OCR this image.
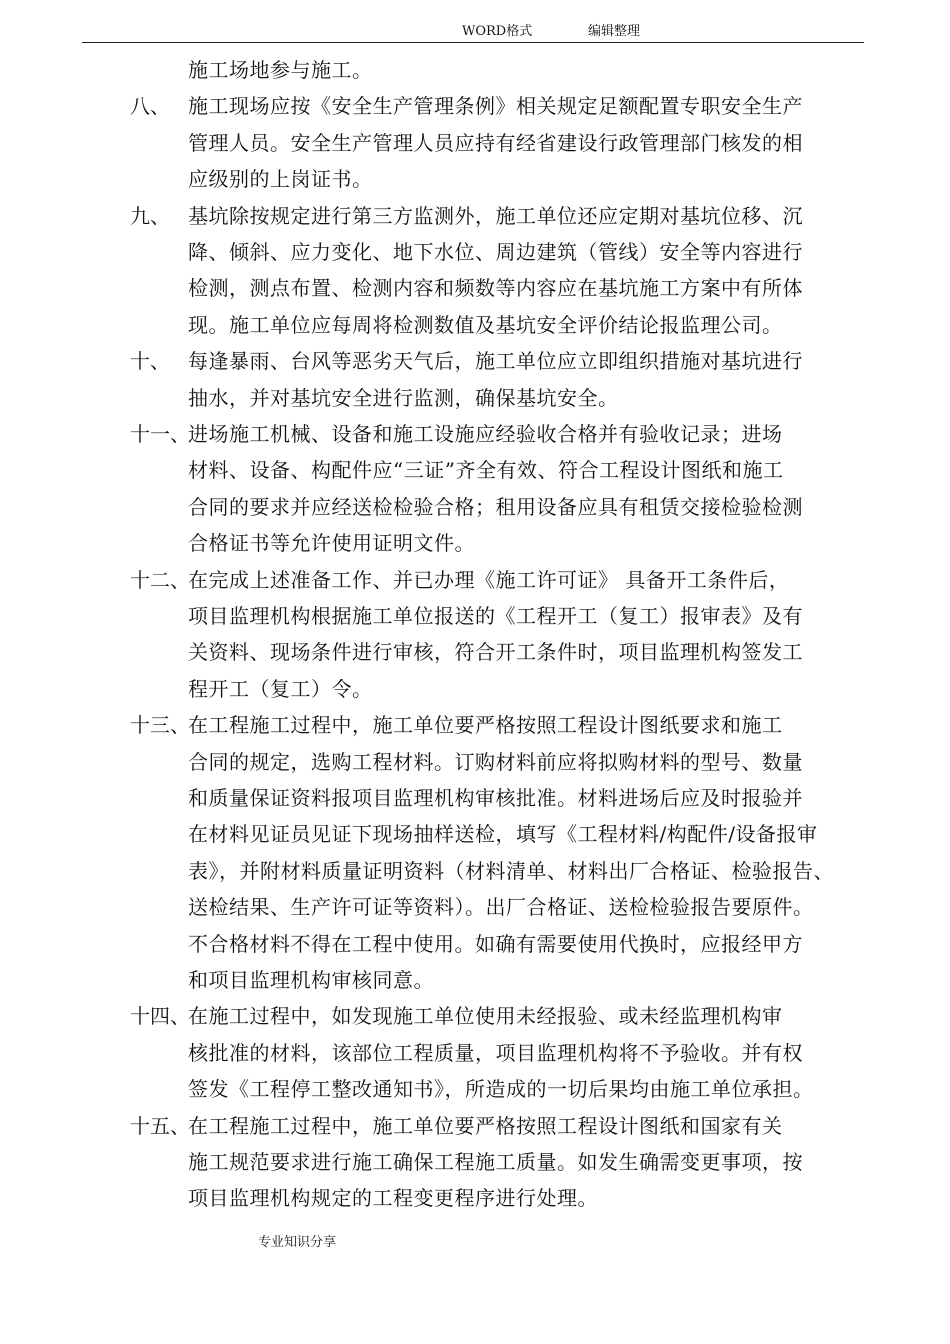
WORD格式	编辑整理
施工场地参与施工。
八、 施工现场应按《安全生产管理条例》相关规定足额配置专职安全生产
管理人员。安全生产管理人员应持有经省建设行政管理部门核发的相
应级别的上岗证书。
九、 基坑除按规定进行第三方监测外，施工单位还应定期对基坑位移、沉
降、倾斜、应力变化、地下水位、周边建筑（管线）安全等内容进行
检测，测点布置、检测内容和频数等内容应在基坑施工方案中有所体
现。施工单位应每周将检测数值及基坑安全评价结论报监理公司。
十、 每逢暴雨、台风等恶劣天气后，施工单位应立即组织措施对基坑进行
抽水，并对基坑安全进行监测，确保基坑安全。
十一、
进场施工机械、设备和施工设施应经验收合格并有验收记录；进场
材料、设备、构配件应“三证”齐全有效、符合工程设计图纸和施工
合同的要求并应经送检检验合格；租用设备应具有租赁交接检验检测
合格证书等允许使用证明文件。
十二、
在完成上述准备工作、并已办理《施工许可证》 具备开工条件后，
项目监理机构根据施工单位报送的《工程开工（复工）报审表》及有
关资料、现场条件进行审核，符合开工条件时，项目监理机构签发工
程开工（复工）令。
十三、
在工程施工过程中，施工单位要严格按照工程设计图纸要求和施工
合同的规定，选购工程材料。订购材料前应将拟购材料的型号、数量
和质量保证资料报项目监理机构审核批准。材料进场后应及时报验并
在材料见证员见证下现场抽样送检，填写《工程材料/构配件/设备报审
表》，并附材料质量证明资料（材料清单、材料出厂合格证、检验报告、
送检结果、生产许可证等资料）。出厂合格证、送检检验报告要原件。
不合格材料不得在工程中使用。如确有需要使用代换时，应报经甲方
和项目监理机构审核同意。
十四、
在施工过程中，如发现施工单位使用未经报验、或未经监理机构审
核批准的材料，该部位工程质量，项目监理机构将不予验收。并有权
签发《工程停工整改通知书》，所造成的一切后果均由施工单位承担。
十五、
在工程施工过程中，施工单位要严格按照工程设计图纸和国家有关
施工规范要求进行施工确保工程施工质量。如发生确需变更事项，按
项目监理机构规定的工程变更程序进行处理。
专业知识分享
